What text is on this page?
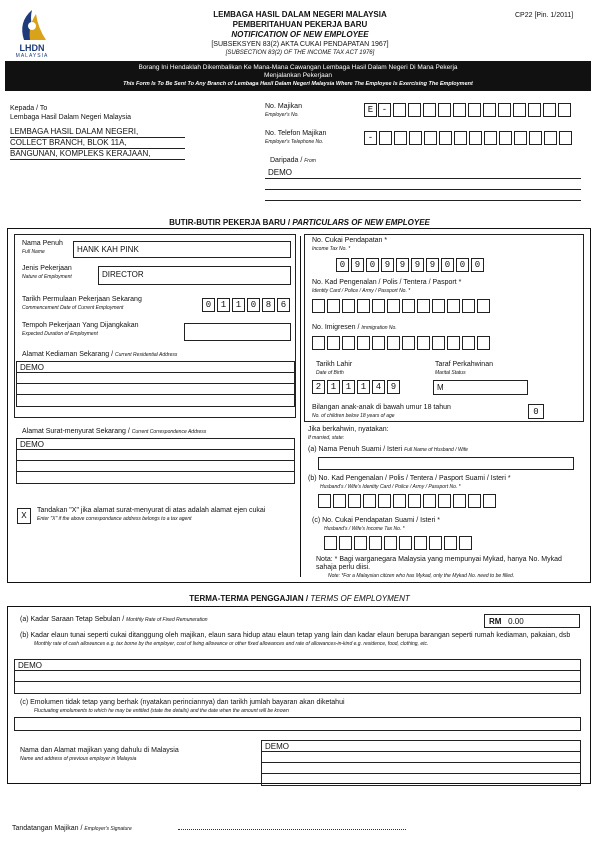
LHDN
MALAYSIA
LEMBAGA HASIL DALAM NEGERI MALAYSIA
PEMBERITAHUAN PEKERJA BARU
NOTIFICATION OF NEW EMPLOYEE
[SUBSEKSYEN 83(2) AKTA CUKAI PENDAPATAN 1967]
[SUBSECTION 83(2) OF THE INCOME TAX ACT 1976]
CP22 [Pin. 1/2011]
Borang Ini Hendaklah Dikembalikan Ke Mana-Mana Cawangan Lembaga Hasil Dalam Negeri Di Mana Pekerja
Menjalankan Pekerjaan
This Form Is To Be Sent To Any Branch of Lembaga Hasil Dalam Negeri Malaysia Where The Employee Is Exercising The Employment
Kepada / To
Lembaga Hasil Dalam Negeri Malaysia
LEMBAGA HASIL DALAM NEGERI,
COLLECT BRANCH, BLOK 11A,
BANGUNAN, KOMPLEKS KERAJAAN,
No. Majikan
Employer's No.	E -
No. Telefon Majikan
Employer's Telephone No.	-
Daripada / From
DEMO
BUTIR-BUTIR PEKERJA BARU / PARTICULARS OF NEW EMPLOYEE
Nama Penuh
Full Name	HANK KAH PINK
Jenis Pekerjaan
Nature of Employment	DIRECTOR
Tarikh Permulaan Pekerjaan Sekarang
Commencement Date of Current Employment	0	1	1	0	8	6
Tempoh Pekerjaan Yang Dijangkakan
Expected Duration of Employment
Alamat Kediaman Sekarang / Current Residential Address
DEMO
Alamat Surat-menyurat Sekarang / Current Correspondence Address
DEMO
X
Tandakan "X" jika alamat surat-menyurat di atas adalah alamat ejen cukai
Enter "X" if the above correspondance address belongs to a tax agent
No. Cukai Pendapatan *
Income Tax No. *
0	9	0	9	9	9	9	0	0	0
No. Kad Pengenalan / Polis / Tentera / Pasport *
Identity Card / Police / Army / Passport No. *
No. Imigresen / Immigration No.
Tarikh Lahir
Date of Birth
2	1	1	1	4	9
Taraf Perkahwinan
Marital Status
M
Bilangan anak-anak di bawah umur 18 tahun
No. of children below 18 years of age	0
Jika berkahwin, nyatakan:
If married, state:
(a) Nama Penuh Suami / Isteri Full Name of Husband / Wife
(b) No. Kad Pengenalan / Polis / Tentera / Pasport Suami / Isteri *
Husband's / Wife's Identity Card / Police / Army / Passport No. *
(c) No. Cukai Pendapatan Suami / Isteri *
Husband's / Wife's Income Tax No. *
Nota: * Bagi warganegara Malaysia yang mempunyai Mykad, hanya No. Mykad sahaja perlu diisi.
Note: *For a Malaysian citizen who has Mykad, only the Mykad No. need to be filled.
TERMA-TERMA PENGGAJIAN / TERMS OF EMPLOYMENT
(a) Kadar Saraan Tetap Sebulan / Monthly Rate of Fixed Remuneration	RM 0.00
(b) Kadar elaun tunai seperti cukai ditanggung oleh majikan, elaun sara hidup atau elaun tetap yang lain dan kadar elaun berupa barangan seperti rumah kediaman, pakaian, dsb
Monthly rate of cash allowances e.g. tax borne by the employer, cost of living allowance or other fixed allowances and rate of allowances-in-kind e.g. residence, food, clothing, etc.
DEMO
(c) Emolumen tidak tetap yang berhak (nyatakan perinciannya) dan tarikh jumlah bayaran akan diketahui
Fluctuating emoluments to which he may be entitled (state the details) and the date when the amount will be known
Nama dan Alamat majikan yang dahulu di Malaysia
Name and address of previous employer in Malaysia
DEMO
Tandatangan Majikan / Employer's Signature
